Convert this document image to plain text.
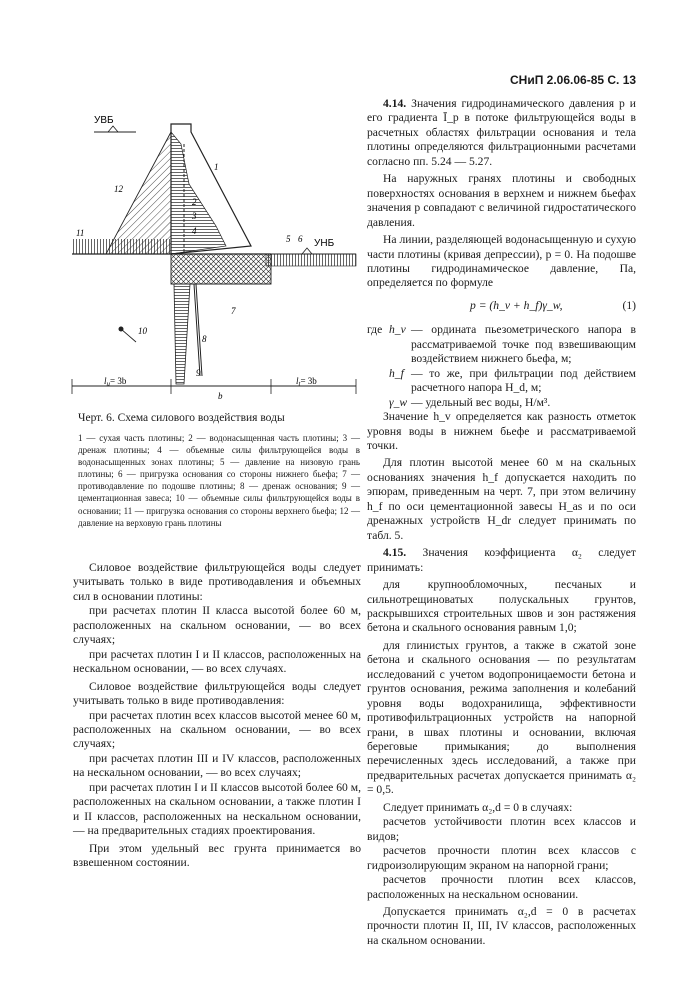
СНиП 2.06.06-85 С. 13
УВБ
УНБ
1
2
3
4
5 6
7
8
9
10
11
12
$l_u= 3b$
b
$l_t= 3b$
Черт. 6. Схема силового воздействия воды
1 — сухая часть плотины; 2 — водонасыщенная часть плотины; 3 — дренаж плотины; 4 — объемные силы фильтрующейся воды в водонасыщенных зонах плотины; 5 — давление на низовую грань плотины; 6 — пригрузка основания со стороны нижнего бьефа; 7 — противодавление по подошве плотины; 8 — дренаж основания; 9 — цементационная завеса; 10 — объемные силы фильтрующейся воды в основании; 11 — пригрузка основания со стороны верхнего бьефа; 12 — давление на верховую грань плотины

Силовое воздействие фильтрующейся воды следует учитывать только в виде противодавления и объемных сил в основании плотины:

при расчетах плотин II класса высотой более 60 м, расположенных на скальном основании, — во всех случаях;

при расчетах плотин I и II классов, расположенных на нескальном основании, — во всех случаях.

Силовое воздействие фильтрующейся воды следует учитывать только в виде противодавления:

при расчетах плотин всех классов высотой менее 60 м, расположенных на скальном основании, — во всех случаях;

при расчетах плотин III и IV классов, расположенных на нескальном основании, — во всех случаях;

при расчетах плотин I и II классов высотой более 60 м, расположенных на скальном основании, а также плотин I и II классов, расположенных на нескальном основании, — на предварительных стадиях проектирования.

При этом удельный вес грунта принимается во взвешенном состоянии.

4.14. Значения гидродинамического давления p и его градиента Ī_p в потоке фильтрующейся воды в расчетных областях фильтрации основания и тела плотины определяются фильтрационными расчетами согласно пп. 5.24 — 5.27.

На наружных гранях плотины и свободных поверхностях основания в верхнем и нижнем бьефах значения p совпадают с величиной гидростатического давления.

На линии, разделяющей водонасыщенную и сухую части плотины (кривая депрессии), p = 0. На подошве плотины гидродинамическое давление, Па, определяется по формуле

p = (h_v + h_f)γ_w,	(1)
где h_v — ордината пьезометрического напора в рассматриваемой точке под взвешивающим воздействием нижнего бьефа, м;
h_f — то же, при фильтрации под действием расчетного напора H_d, м;
γ_w — удельный вес воды, Н/м³.

Значение h_v определяется как разность отметок уровня воды в нижнем бьефе и рассматриваемой точки.

Для плотин высотой менее 60 м на скальных основаниях значения h_f допускается находить по эпюрам, приведенным на черт. 7, при этом величину h_f по оси цементационной завесы H_as и по оси дренажных устройств H_dr следует принимать по табл. 5.

4.15. Значения коэффициента α₂ следует принимать:

для крупнообломочных, песчаных и сильнотрещиноватых полускальных грунтов, раскрывшихся строительных швов и зон растяжения бетона и скального основания равным 1,0;

для глинистых грунтов, а также в сжатой зоне бетона и скального основания — по результатам исследований с учетом водопроницаемости бетона и грунтов основания, режима заполнения и колебаний уровня воды водохранилища, эффективности противофильтрационных устройств на напорной грани, в швах плотины и основании, включая береговые примыкания; до выполнения перечисленных здесь исследований, а также при предварительных расчетах допускается принимать α₂ = 0,5.

Следует принимать α₂,d = 0 в случаях:

расчетов устойчивости плотин всех классов и видов;

расчетов прочности плотин всех классов с гидроизолирующим экраном на напорной грани;

расчетов прочности плотин всех классов, расположенных на нескальном основании.

Допускается принимать α₂,d = 0 в расчетах прочности плотин II, III, IV классов, расположенных на скальном основании.
